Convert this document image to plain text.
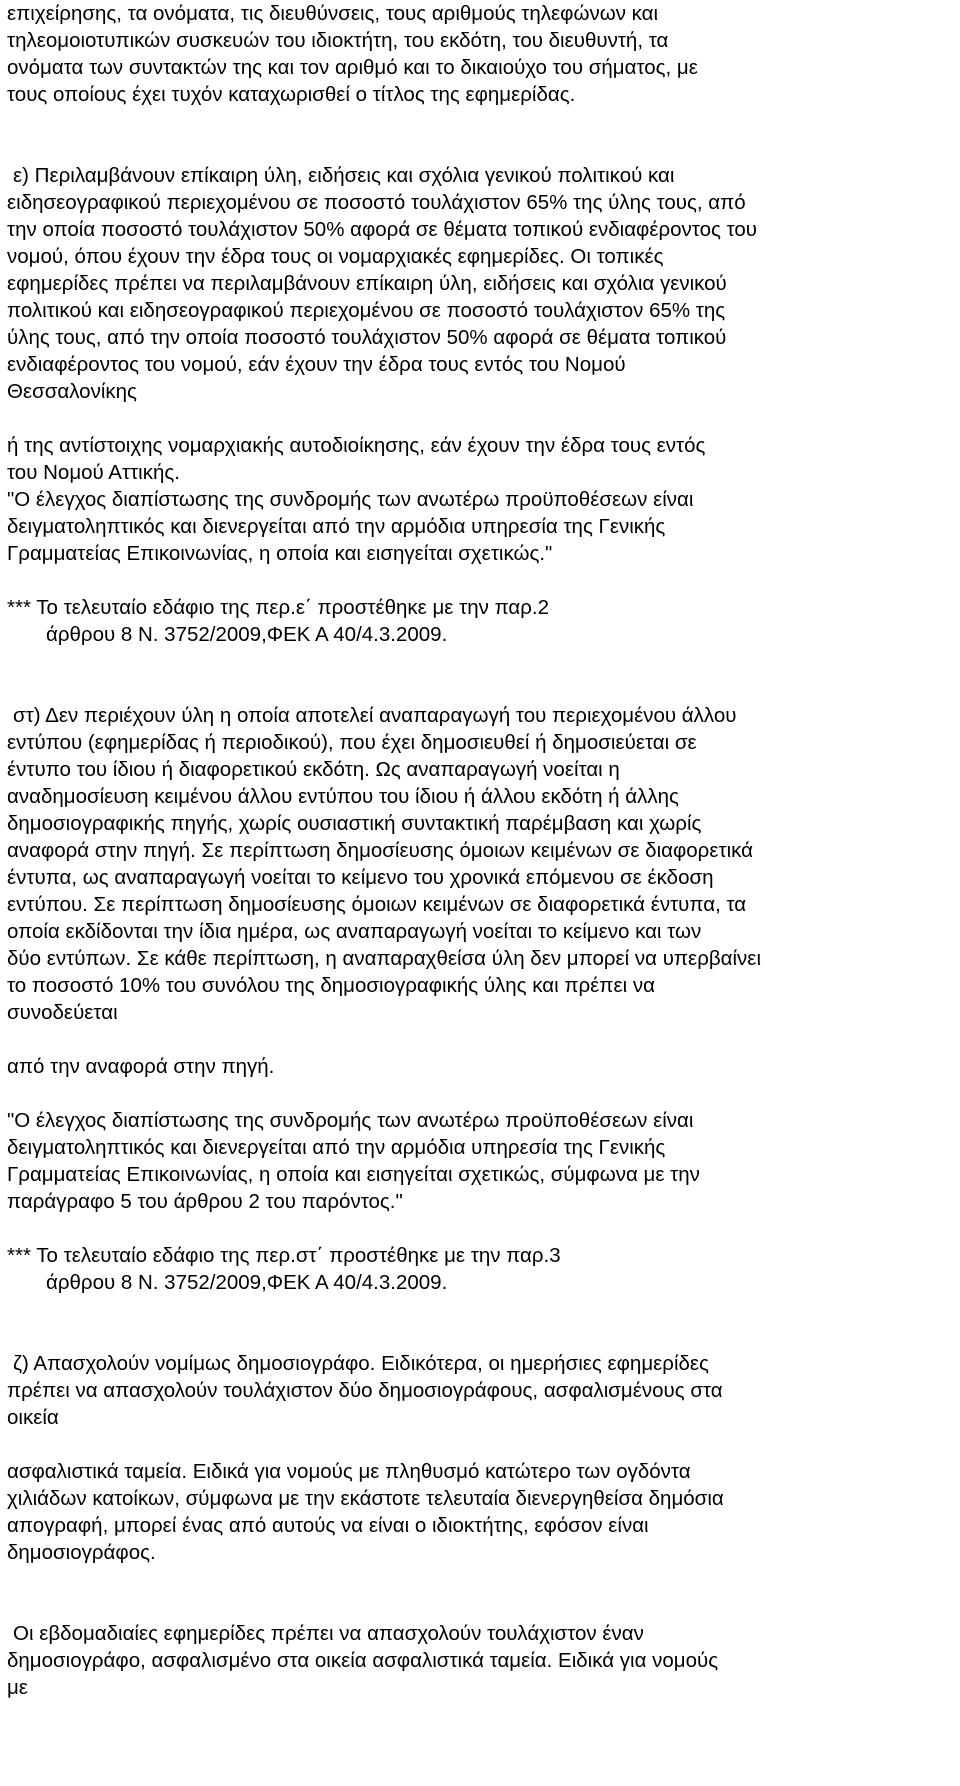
επιχείρησης, τα ονόματα, τις διευθύνσεις, τους αριθμούς τηλεφώνων και
τηλεομοιοτυπικών συσκευών του ιδιοκτήτη, του εκδότη, του διευθυντή, τα
ονόματα των συντακτών της και τον αριθμό και το δικαιούχο του σήματος, με
τους οποίους έχει τυχόν καταχωρισθεί ο τίτλος της εφημερίδας.
ε) Περιλαμβάνουν επίκαιρη ύλη, ειδήσεις και σχόλια γενικού πολιτικού και
ειδησεογραφικού περιεχομένου σε ποσοστό τουλάχιστον 65% της ύλης τους, από
την οποία ποσοστό τουλάχιστον 50% αφορά σε θέματα τοπικού ενδιαφέροντος του
νομού, όπου έχουν την έδρα τους οι νομαρχιακές εφημερίδες. Οι τοπικές
εφημερίδες πρέπει να περιλαμβάνουν επίκαιρη ύλη, ειδήσεις και σχόλια γενικού
πολιτικού και ειδησεογραφικού περιεχομένου σε ποσοστό τουλάχιστον 65% της
ύλης τους, από την οποία ποσοστό τουλάχιστον 50% αφορά σε θέματα τοπικού
ενδιαφέροντος του νομού, εάν έχουν την έδρα τους εντός του Νομού
Θεσσαλονίκης
ή της αντίστοιχης νομαρχιακής αυτοδιοίκησης, εάν έχουν την έδρα τους εντός
του Νομού Αττικής.
"Ο έλεγχος διαπίστωσης της συνδρομής των ανωτέρω προϋποθέσεων είναι
δειγματοληπτικός και διενεργείται από την αρμόδια υπηρεσία της Γενικής
Γραμματείας Επικοινωνίας, η οποία και εισηγείται σχετικώς."
*** Το τελευταίο εδάφιο της περ.ε΄ προστέθηκε με την παρ.2
άρθρου 8 Ν. 3752/2009,ΦΕΚ Α 40/4.3.2009.
στ) Δεν περιέχουν ύλη η οποία αποτελεί αναπαραγωγή του περιεχομένου άλλου
εντύπου (εφημερίδας ή περιοδικού), που έχει δημοσιευθεί ή δημοσιεύεται σε
έντυπο του ίδιου ή διαφορετικού εκδότη. Ως αναπαραγωγή νοείται η
αναδημοσίευση κειμένου άλλου εντύπου του ίδιου ή άλλου εκδότη ή άλλης
δημοσιογραφικής πηγής, χωρίς ουσιαστική συντακτική παρέμβαση και χωρίς
αναφορά στην πηγή. Σε περίπτωση δημοσίευσης όμοιων κειμένων σε διαφορετικά
έντυπα, ως αναπαραγωγή νοείται το κείμενο του χρονικά επόμενου σε έκδοση
εντύπου. Σε περίπτωση δημοσίευσης όμοιων κειμένων σε διαφορετικά έντυπα, τα
οποία εκδίδονται την ίδια ημέρα, ως αναπαραγωγή νοείται το κείμενο και των
δύο εντύπων. Σε κάθε περίπτωση, η αναπαραχθείσα ύλη δεν μπορεί να υπερβαίνει
το ποσοστό 10% του συνόλου της δημοσιογραφικής ύλης και πρέπει να
συνοδεύεται
από την αναφορά στην πηγή.
"Ο έλεγχος διαπίστωσης της συνδρομής των ανωτέρω προϋποθέσεων είναι
δειγματοληπτικός και διενεργείται από την αρμόδια υπηρεσία της Γενικής
Γραμματείας Επικοινωνίας, η οποία και εισηγείται σχετικώς, σύμφωνα με την
παράγραφο 5 του άρθρου 2 του παρόντος."
*** Το τελευταίο εδάφιο της περ.στ΄ προστέθηκε με την παρ.3
άρθρου 8 Ν. 3752/2009,ΦΕΚ Α 40/4.3.2009.
ζ) Απασχολούν νομίμως δημοσιογράφο. Ειδικότερα, οι ημερήσιες εφημερίδες
πρέπει να απασχολούν τουλάχιστον δύο δημοσιογράφους, ασφαλισμένους στα
οικεία
ασφαλιστικά ταμεία. Ειδικά για νομούς με πληθυσμό κατώτερο των ογδόντα
χιλιάδων κατοίκων, σύμφωνα με την εκάστοτε τελευταία διενεργηθείσα δημόσια
απογραφή, μπορεί ένας από αυτούς να είναι ο ιδιοκτήτης, εφόσον είναι
δημοσιογράφος.
Οι εβδομαδιαίες εφημερίδες πρέπει να απασχολούν τουλάχιστον έναν
δημοσιογράφο, ασφαλισμένο στα οικεία ασφαλιστικά ταμεία. Ειδικά για νομούς
με
